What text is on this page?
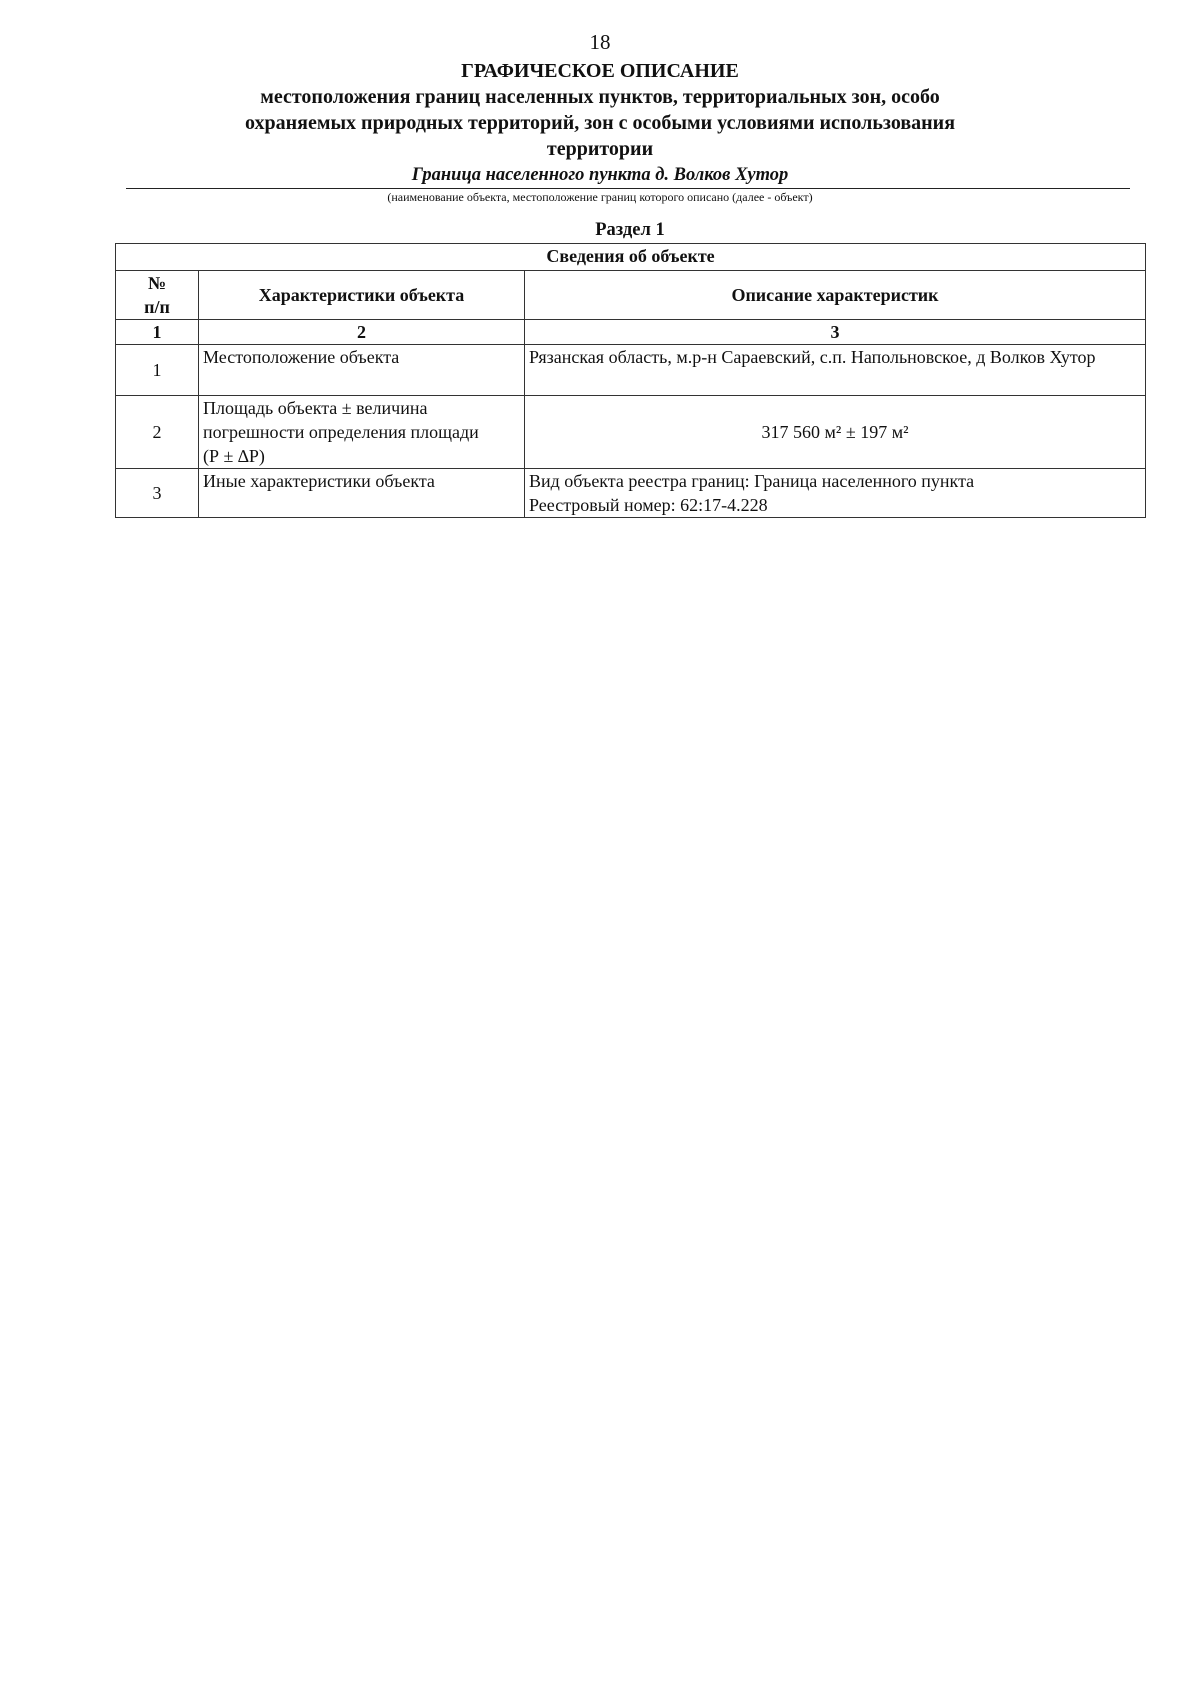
18
ГРАФИЧЕСКОЕ ОПИСАНИЕ
местоположения границ населенных пунктов, территориальных зон, особо охраняемых природных территорий, зон с особыми условиями использования территории
Граница населенного пункта д. Волков Хутор
(наименование объекта, местоположение границ которого описано (далее - объект)
Раздел 1
Сведения об объекте		

№
п/п	Характеристики объекта	Описание характеристик
1	2	3
1	Местоположение объекта	Рязанская область, м.р-н Сараевский, с.п. Напольновское, д Волков Хутор
2	Площадь объекта ± величина
погрешности определения площади
(Р ± ∆Р)	317 560 м² ± 197 м²
3	Иные характеристики объекта	Вид объекта реестра границ: Граница населенного пункта
Реестровый номер: 62:17-4.228
